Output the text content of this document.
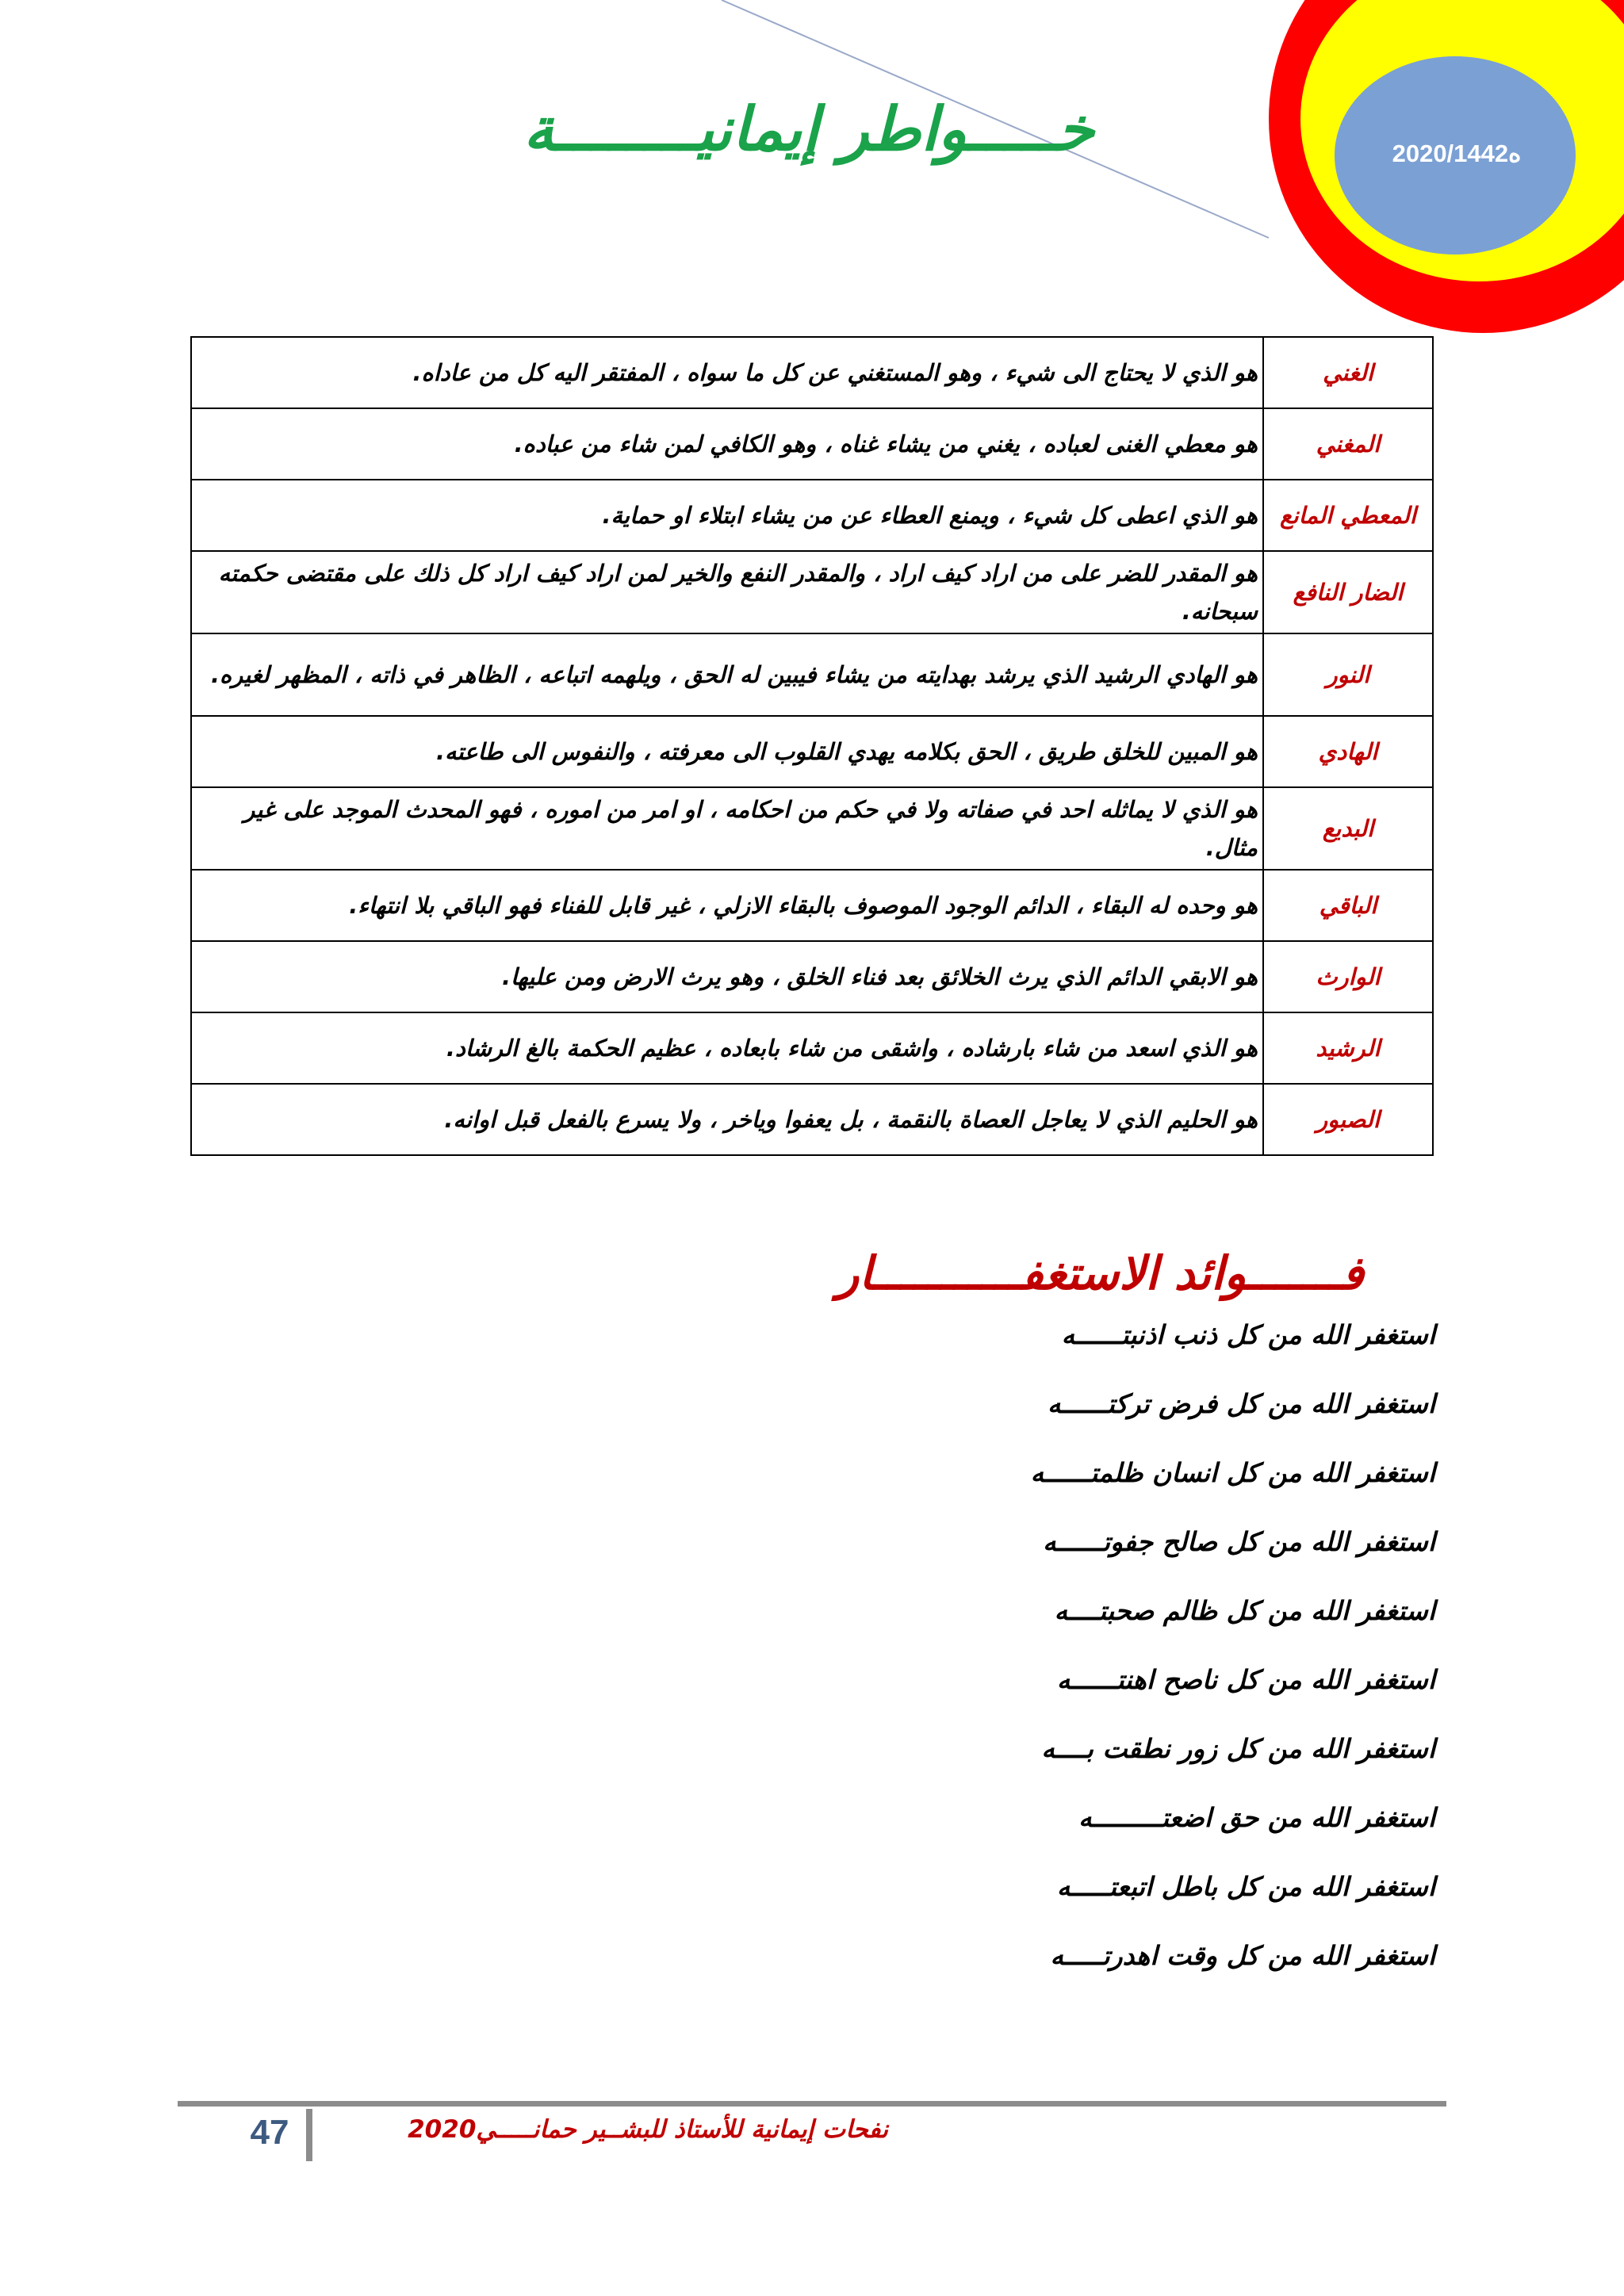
2020/ه1442
خـــــواطر إيمانيــــــــة
الغني	هو الذي لا يحتاج الى شيء ، وهو المستغني عن كل ما سواه ، المفتقر اليه كل من عاداه.
المغني	هو معطي الغنى لعباده ، يغني من يشاء غناه ، وهو الكافي لمن شاء من عباده.
المعطي المانع	هو الذي اعطى كل شيء ، ويمنع العطاء عن من يشاء ابتلاء او حماية.
الضار النافع	هو المقدر للضر على من اراد كيف اراد ، والمقدر النفع والخير لمن اراد كيف اراد كل ذلك على مقتضى حكمته سبحانه.
النور	هو الهادي الرشيد الذي يرشد بهدايته من يشاء فيبين له الحق ، ويلهمه اتباعه ، الظاهر في ذاته ، المظهر لغيره.
الهادي	هو المبين للخلق طريق ، الحق بكلامه يهدي القلوب الى معرفته ، والنفوس الى طاعته.
البديع	هو الذي لا يماثله احد في صفاته ولا في حكم من احكامه ، او امر من اموره ، فهو المحدث الموجد على غير مثال.
الباقي	هو وحده له البقاء ، الدائم الوجود الموصوف بالبقاء الازلي ، غير قابل للفناء فهو الباقي بلا انتهاء.
الوارث	هو الابقي الدائم الذي يرث الخلائق بعد فناء الخلق ، وهو يرث الارض ومن عليها.
الرشيد	هو الذي اسعد من شاء بارشاده ، واشقى من شاء بابعاده ، عظيم الحكمة بالغ الرشاد.
الصبور	هو الحليم الذي لا يعاجل العصاة بالنقمة ، بل يعفوا وياخر ، ولا يسرع بالفعل قبل اوانه.
فـــــــوائد الاستغفـــــــــــار
استغفر الله من كل ذنب اذنبتــــــه
استغفر الله من كل فرض تركتــــــه
استغفر الله من كل انسان ظلمتــــــه
استغفر الله من كل صالح جفوتــــــه
استغفر الله من كل ظالم صحبتــــه
استغفر الله من كل ناصح اهنتــــــه
استغفر الله من كل زور نطقت بــــه
استغفر الله من حق اضعتـــــــــه
استغفر الله من كل باطل اتبعتـــــه
استغفر الله من كل وقت اهدرتـــــه
47	نفحات إيمانية للأستاذ للبشــير حمانـــــي2020
